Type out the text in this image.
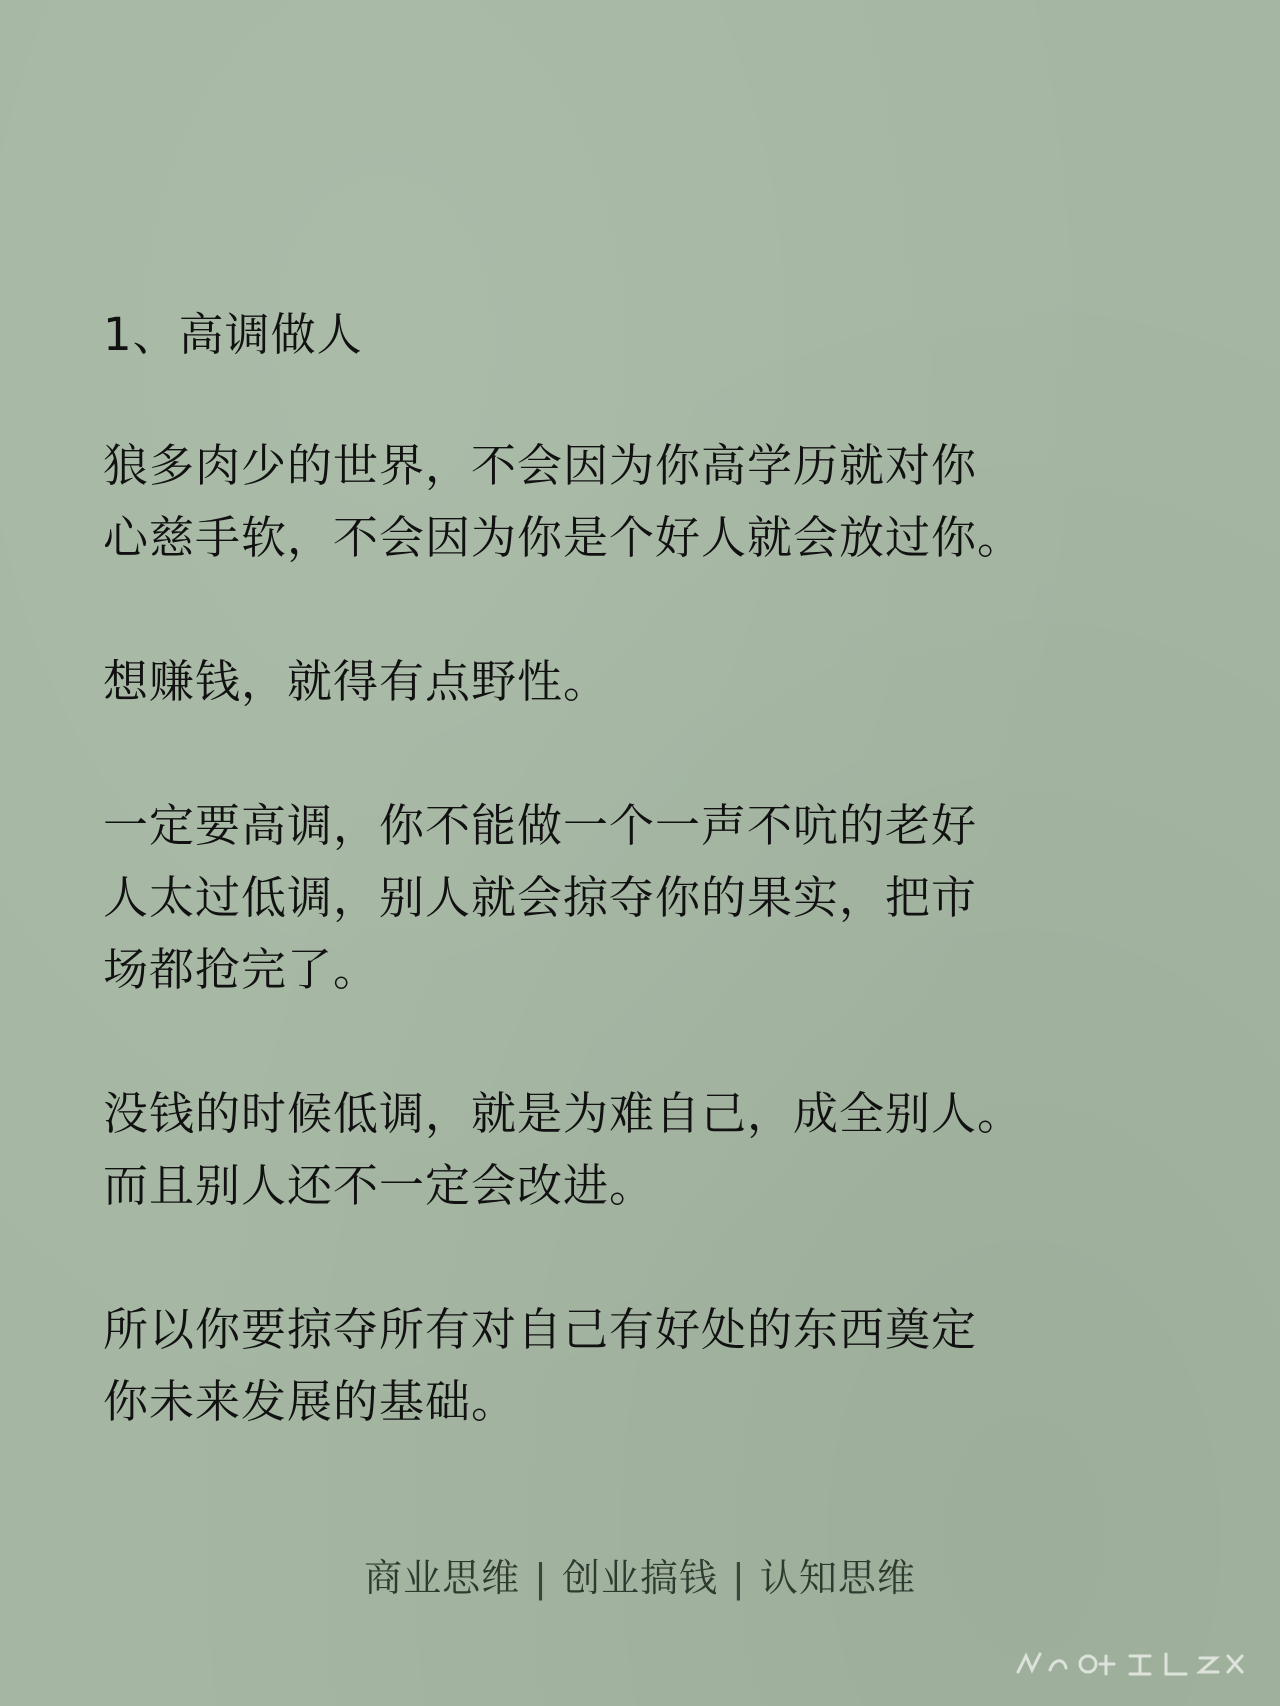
1、高调做人
狼多肉少的世界，不会因为你高学历就对你
心慈手软，不会因为你是个好人就会放过你。
想赚钱，就得有点野性。
一定要高调，你不能做一个一声不吭的老好
人太过低调，别人就会掠夺你的果实，把市
场都抢完了。
没钱的时候低调，就是为难自己，成全别人。
而且别人还不一定会改进。
所以你要掠夺所有对自己有好处的东西奠定
你未来发展的基础。
商业思维 | 创业搞钱 | 认知思维
